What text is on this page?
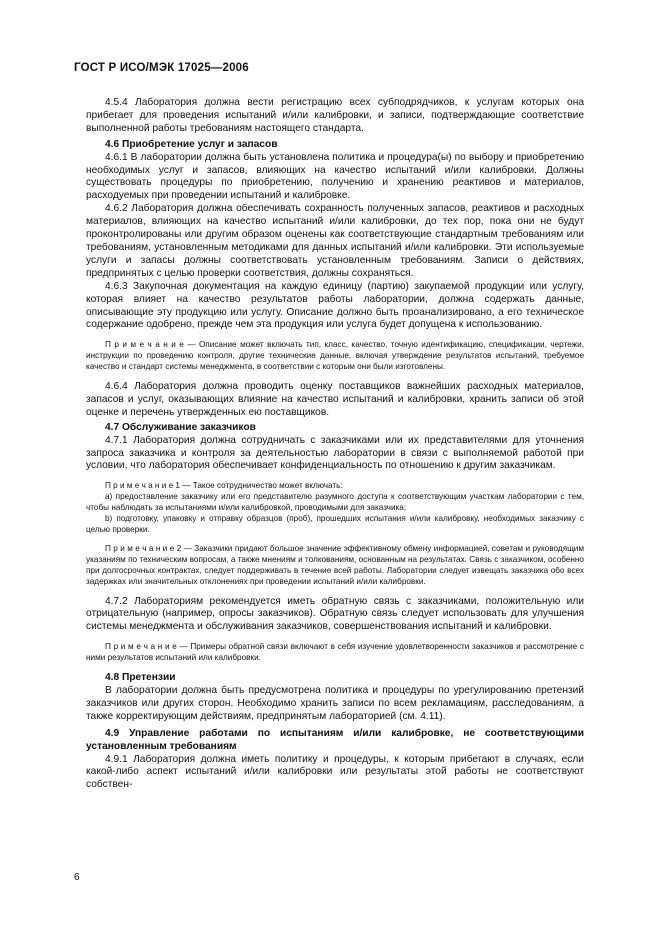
ГОСТ Р ИСО/МЭК 17025—2006

4.5.4 Лаборатория должна вести регистрацию всех субподрядчиков, к услугам которых она прибегает для проведения испытаний и/или калибровки, и записи, подтверждающие соответствие выполненной работы требованиям настоящего стандарта.

4.6 Приобретение услуг и запасов

4.6.1 В лаборатории должна быть установлена политика и процедура(ы) по выбору и приобретению необходимых услуг и запасов, влияющих на качество испытаний и/или калибровки. Должны существовать процедуры по приобретению, получению и хранению реактивов и материалов, расходуемых при проведении испытаний и калибровке.

4.6.2 Лаборатория должна обеспечивать сохранность полученных запасов, реактивов и расходных материалов, влияющих на качество испытаний и/или калибровки, до тех пор, пока они не будут проконтролированы или другим образом оценены как соответствующие стандартным требованиям или требованиям, установленным методиками для данных испытаний и/или калибровки. Эти используемые услуги и запасы должны соответствовать установленным требованиям. Записи о действиях, предпринятых с целью проверки соответствия, должны сохраняться.

4.6.3 Закупочная документация на каждую единицу (партию) закупаемой продукции или услугу, которая влияет на качество результатов работы лаборатории, должна содержать данные, описывающие эту продукцию или услугу. Описание должно быть проанализировано, а его техническое содержание одобрено, прежде чем эта продукция или услуга будет допущена к использованию.

П р и м е ч а н и е — Описание может включать тип, класс, качество, точную идентификацию, спецификации, чертежи, инструкции по проведению контроля, другие технические данные, включая утверждение результатов испытаний, требуемое качество и стандарт системы менеджмента, в соответствии с которым они были изготовлены.

4.6.4 Лаборатория должна проводить оценку поставщиков важнейших расходных материалов, запасов и услуг, оказывающих влияние на качество испытаний и калибровки, хранить записи об этой оценке и перечень утвержденных ею поставщиков.

4.7 Обслуживание заказчиков

4.7.1 Лаборатория должна сотрудничать с заказчиками или их представителями для уточнения запроса заказчика и контроля за деятельностью лаборатории в связи с выполняемой работой при условии, что лаборатория обеспечивает конфиденциальность по отношению к другим заказчикам.

П р и м е ч а н и е 1 — Такое сотрудничество может включать:

a) предоставление заказчику или его представителю разумного доступа к соответствующим участкам лаборатории с тем, чтобы наблюдать за испытаниями и/или калибровкой, проводимыми для заказчика;

b) подготовку, упаковку и отправку образцов (проб), прошедших испытания и/или калибровку, необходимых заказчику с целью проверки.

П р и м е ч а н и е 2 — Заказчики придают большое значение эффективному обмену информацией, советам и руководящим указаниям по техническим вопросам, а также мнениям и толкованиям, основанным на результатах. Связь с заказчиком, особенно при долгосрочных контрактах, следует поддерживать в течение всей работы. Лаборатории следует извещать заказчика обо всех задержках или значительных отклонениях при проведении испытаний и/или калибровки.

4.7.2 Лабораториям рекомендуется иметь обратную связь с заказчиками, положительную или отрицательную (например, опросы заказчиков). Обратную связь следует использовать для улучшения системы менеджмента и обслуживания заказчиков, совершенствования испытаний и калибровки.

П р и м е ч а н и е — Примеры обратной связи включают в себя изучение удовлетворенности заказчиков и рассмотрение с ними результатов испытаний или калибровки.

4.8 Претензии

В лаборатории должна быть предусмотрена политика и процедуры по урегулированию претензий заказчиков или других сторон. Необходимо хранить записи по всем рекламациям, расследованиям, а также корректирующим действиям, предпринятым лабораторией (см. 4.11).

4.9 Управление работами по испытаниям и/или калибровке, не соответствующими установленным требованиям

4.9.1 Лаборатория должна иметь политику и процедуры, к которым прибегают в случаях, если какой-либо аспект испытаний и/или калибровки или результаты этой работы не соответствуют собствен-

6
